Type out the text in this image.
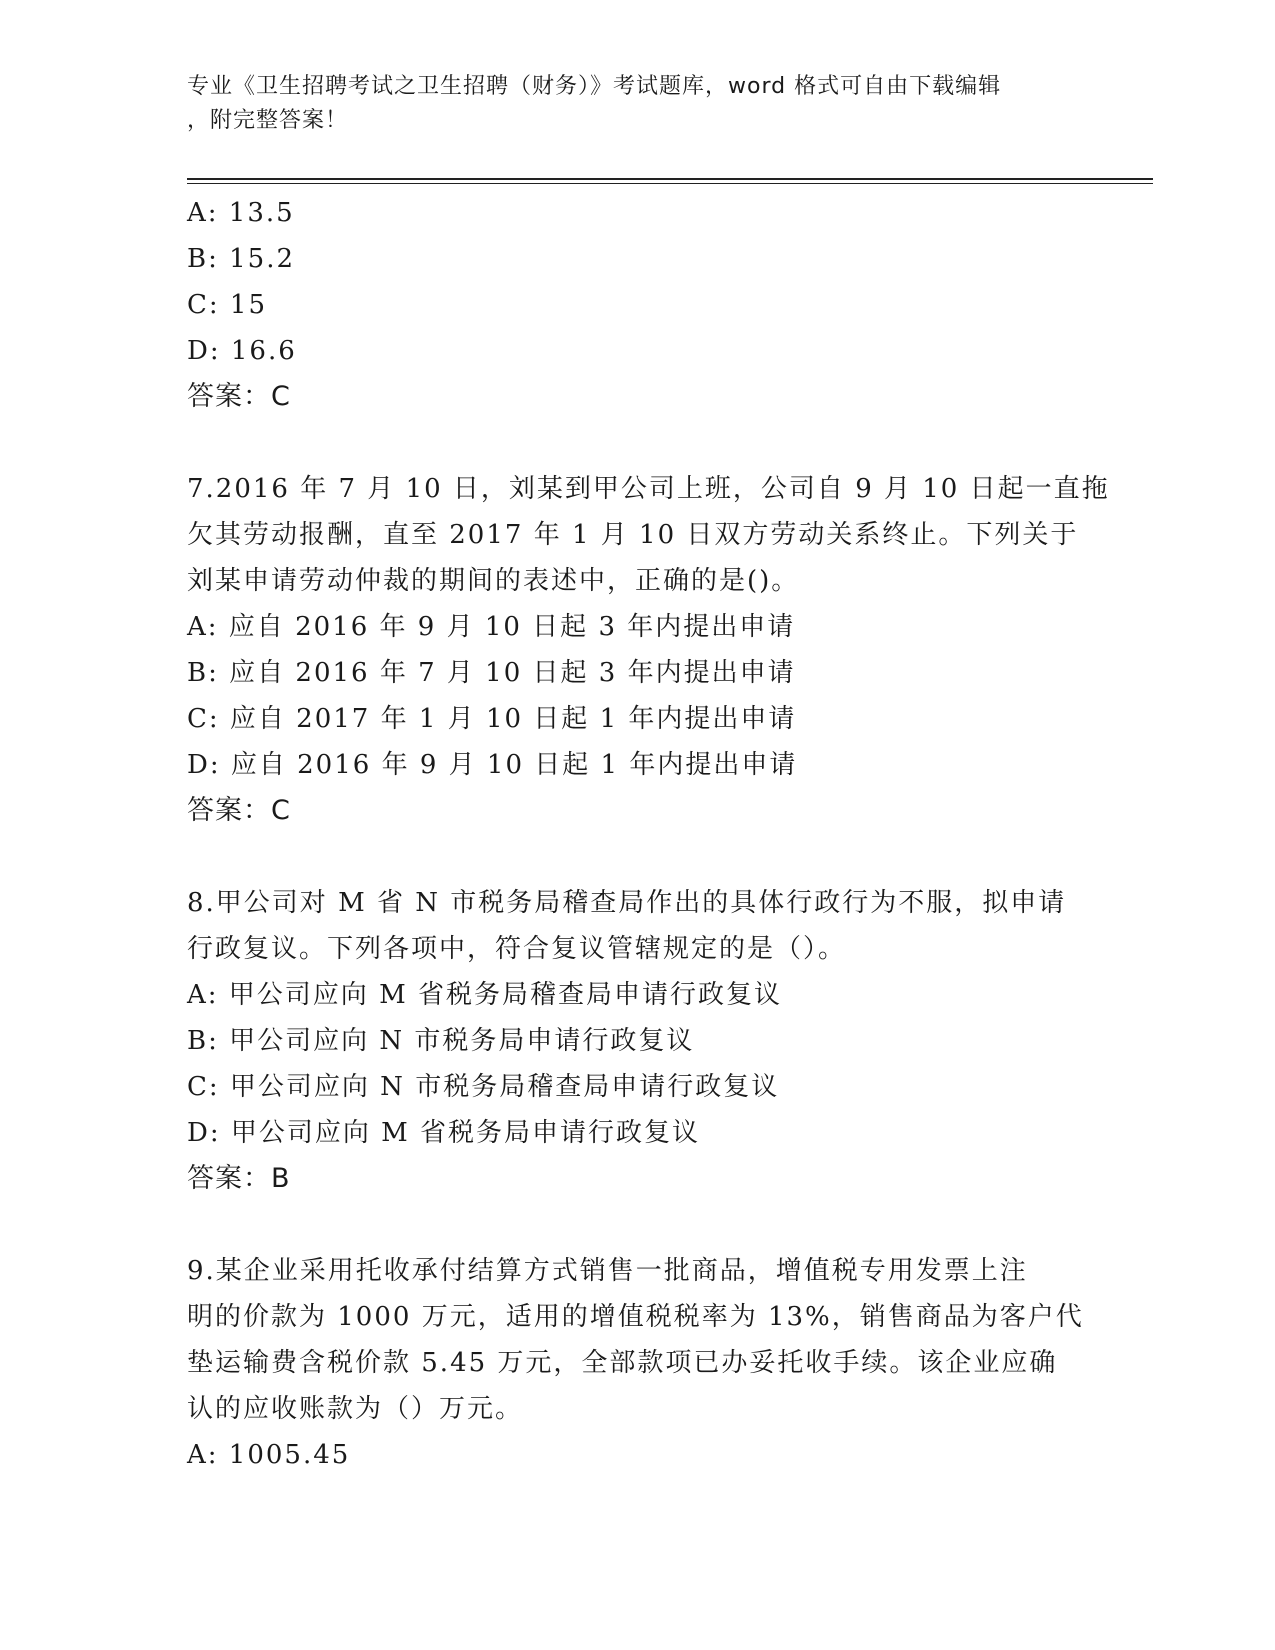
专业《卫生招聘考试之卫生招聘（财务）》考试题库，word 格式可自由下载编辑
，附完整答案！
A: 13.5
B: 15.2
C: 15
D: 16.6
答案：C
7.2016 年 7 月 10 日，刘某到甲公司上班，公司自 9 月 10 日起一直拖
欠其劳动报酬，直至 2017 年 1 月 10 日双方劳动关系终止。下列关于
刘某申请劳动仲裁的期间的表述中，正确的是()。
A: 应自 2016 年 9 月 10 日起 3 年内提出申请
B: 应自 2016 年 7 月 10 日起 3 年内提出申请
C: 应自 2017 年 1 月 10 日起 1 年内提出申请
D: 应自 2016 年 9 月 10 日起 1 年内提出申请
答案：C
8.甲公司对 M 省 N 市税务局稽查局作出的具体行政行为不服，拟申请
行政复议。下列各项中，符合复议管辖规定的是（）。
A: 甲公司应向 M 省税务局稽查局申请行政复议
B: 甲公司应向 N 市税务局申请行政复议
C: 甲公司应向 N 市税务局稽查局申请行政复议
D: 甲公司应向 M 省税务局申请行政复议
答案：B
9.某企业采用托收承付结算方式销售一批商品，增值税专用发票上注
明的价款为 1000 万元，适用的增值税税率为 13%，销售商品为客户代
垫运输费含税价款 5.45 万元，全部款项已办妥托收手续。该企业应确
认的应收账款为（）万元。
A: 1005.45
